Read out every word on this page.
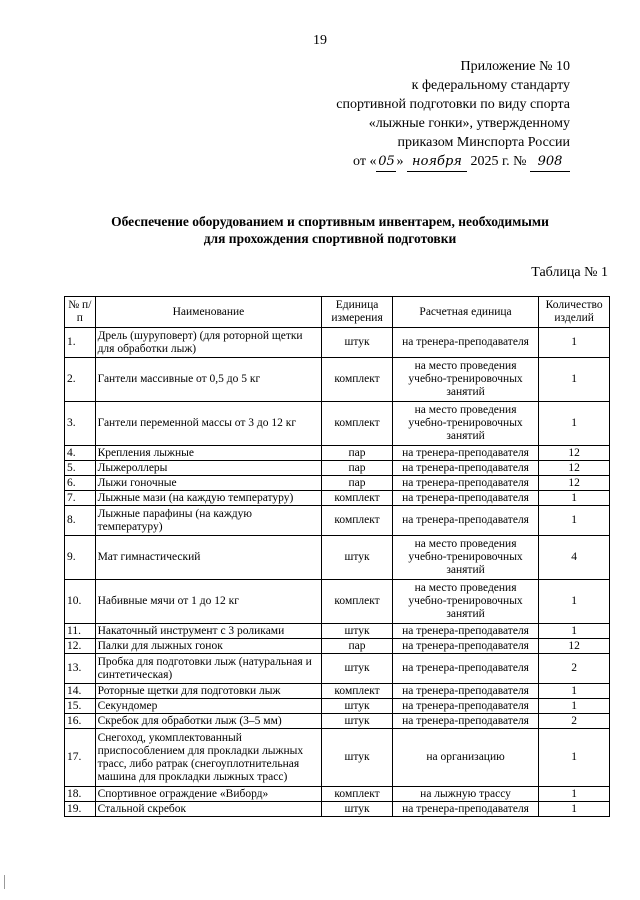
19
Приложение № 10
к федеральному стандарту
спортивной подготовки по виду спорта
«лыжные гонки», утвержденному
приказом Минспорта России
от « 05 » ноября 2025 г. № 908
Обеспечение оборудованием и спортивным инвентарем, необходимыми
для прохождения спортивной подготовки
Таблица № 1
№ п/п	Наименование	Единица измерения	Расчетная единица	Количество изделий
1.	Дрель (шуруповерт) (для роторной щетки для обработки лыж)	штук	на тренера-преподавателя	1
2.	Гантели массивные от 0,5 до 5 кг	комплект	на место проведения учебно-тренировочных занятий	1
3.	Гантели переменной массы от 3 до 12 кг	комплект	на место проведения учебно-тренировочных занятий	1
4.	Крепления лыжные	пар	на тренера-преподавателя	12
5.	Лыжероллеры	пар	на тренера-преподавателя	12
6.	Лыжи гоночные	пар	на тренера-преподавателя	12
7.	Лыжные мази (на каждую температуру)	комплект	на тренера-преподавателя	1
8.	Лыжные парафины (на каждую температуру)	комплект	на тренера-преподавателя	1
9.	Мат гимнастический	штук	на место проведения учебно-тренировочных занятий	4
10.	Набивные мячи от 1 до 12 кг	комплект	на место проведения учебно-тренировочных занятий	1
11.	Накаточный инструмент с 3 роликами	штук	на тренера-преподавателя	1
12.	Палки для лыжных гонок	пар	на тренера-преподавателя	12
13.	Пробка для подготовки лыж (натуральная и синтетическая)	штук	на тренера-преподавателя	2
14.	Роторные щетки для подготовки лыж	комплект	на тренера-преподавателя	1
15.	Секундомер	штук	на тренера-преподавателя	1
16.	Скребок для обработки лыж (3–5 мм)	штук	на тренера-преподавателя	2
17.	Снегоход, укомплектованный приспособлением для прокладки лыжных трасс, либо ратрак (снегоуплотнительная машина для прокладки лыжных трасс)	штук	на организацию	1
18.	Спортивное ограждение «Виборд»	комплект	на лыжную трассу	1
19.	Стальной скребок	штук	на тренера-преподавателя	1
